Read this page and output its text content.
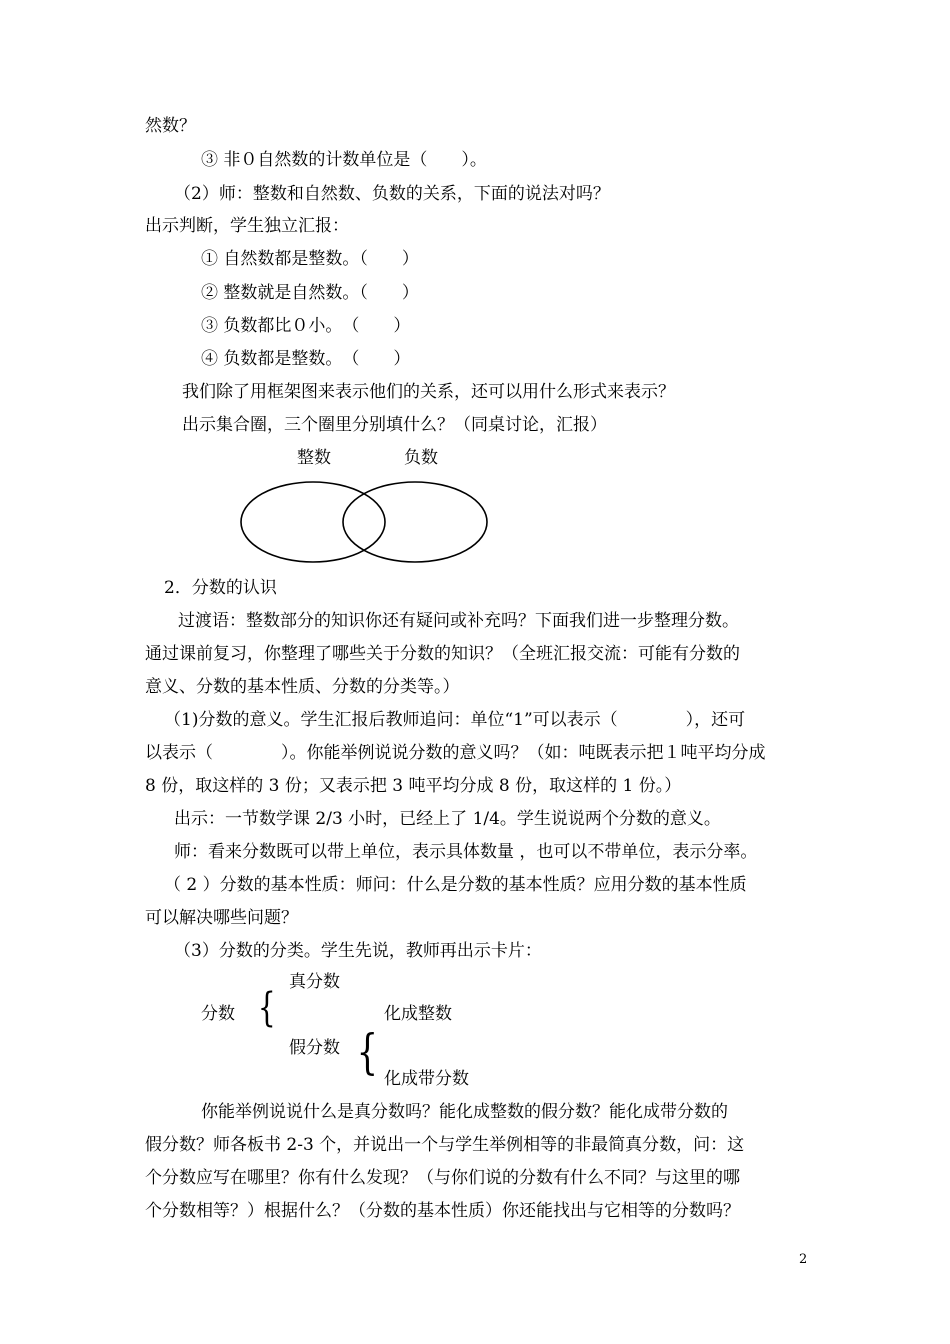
然数？
③ 非０自然数的计数单位是（　　）。
（2）师：整数和自然数、负数的关系，下面的说法对吗？
出示判断，学生独立汇报：
① 自然数都是整数。（　　）
② 整数就是自然数。（　　）
③ 负数都比０小。　（　　）
④ 负数都是整数。　（　　）
我们除了用框架图来表示他们的关系，还可以用什么形式来表示？
出示集合圈，三个圈里分别填什么？（同桌讨论，汇报）
整数	负数
2．分数的认识
过渡语：整数部分的知识你还有疑问或补充吗？下面我们进一步整理分数。
通过课前复习，你整理了哪些关于分数的知识？（全班汇报交流：可能有分数的
意义、分数的基本性质、分数的分类等。）
（1)分数的意义。学生汇报后教师追问：单位“1”可以表示（　　　　），还可
以表示（　　　　）。你能举例说说分数的意义吗？（如：吨既表示把１吨平均分成
8 份，取这样的 3 份；又表示把 3 吨平均分成 8 份，取这样的 1 份。）
出示：一节数学课 2/3 小时，已经上了 1/4。学生说说两个分数的意义。
师：看来分数既可以带上单位，表示具体数量 ，也可以不带单位，表示分率。
（ 2 ）分数的基本性质：师问：什么是分数的基本性质？应用分数的基本性质
可以解决哪些问题？
（3）分数的分类。学生先说，教师再出示卡片：
真分数
分数 {	化成整数
假分数 { 化成带分数
你能举例说说什么是真分数吗？能化成整数的假分数？能化成带分数的
假分数？师各板书 2-3 个，并说出一个与学生举例相等的非最简真分数，问：这
个分数应写在哪里？你有什么发现？（与你们说的分数有什么不同？与这里的哪
个分数相等？）根据什么？（分数的基本性质）你还能找出与它相等的分数吗？
2
